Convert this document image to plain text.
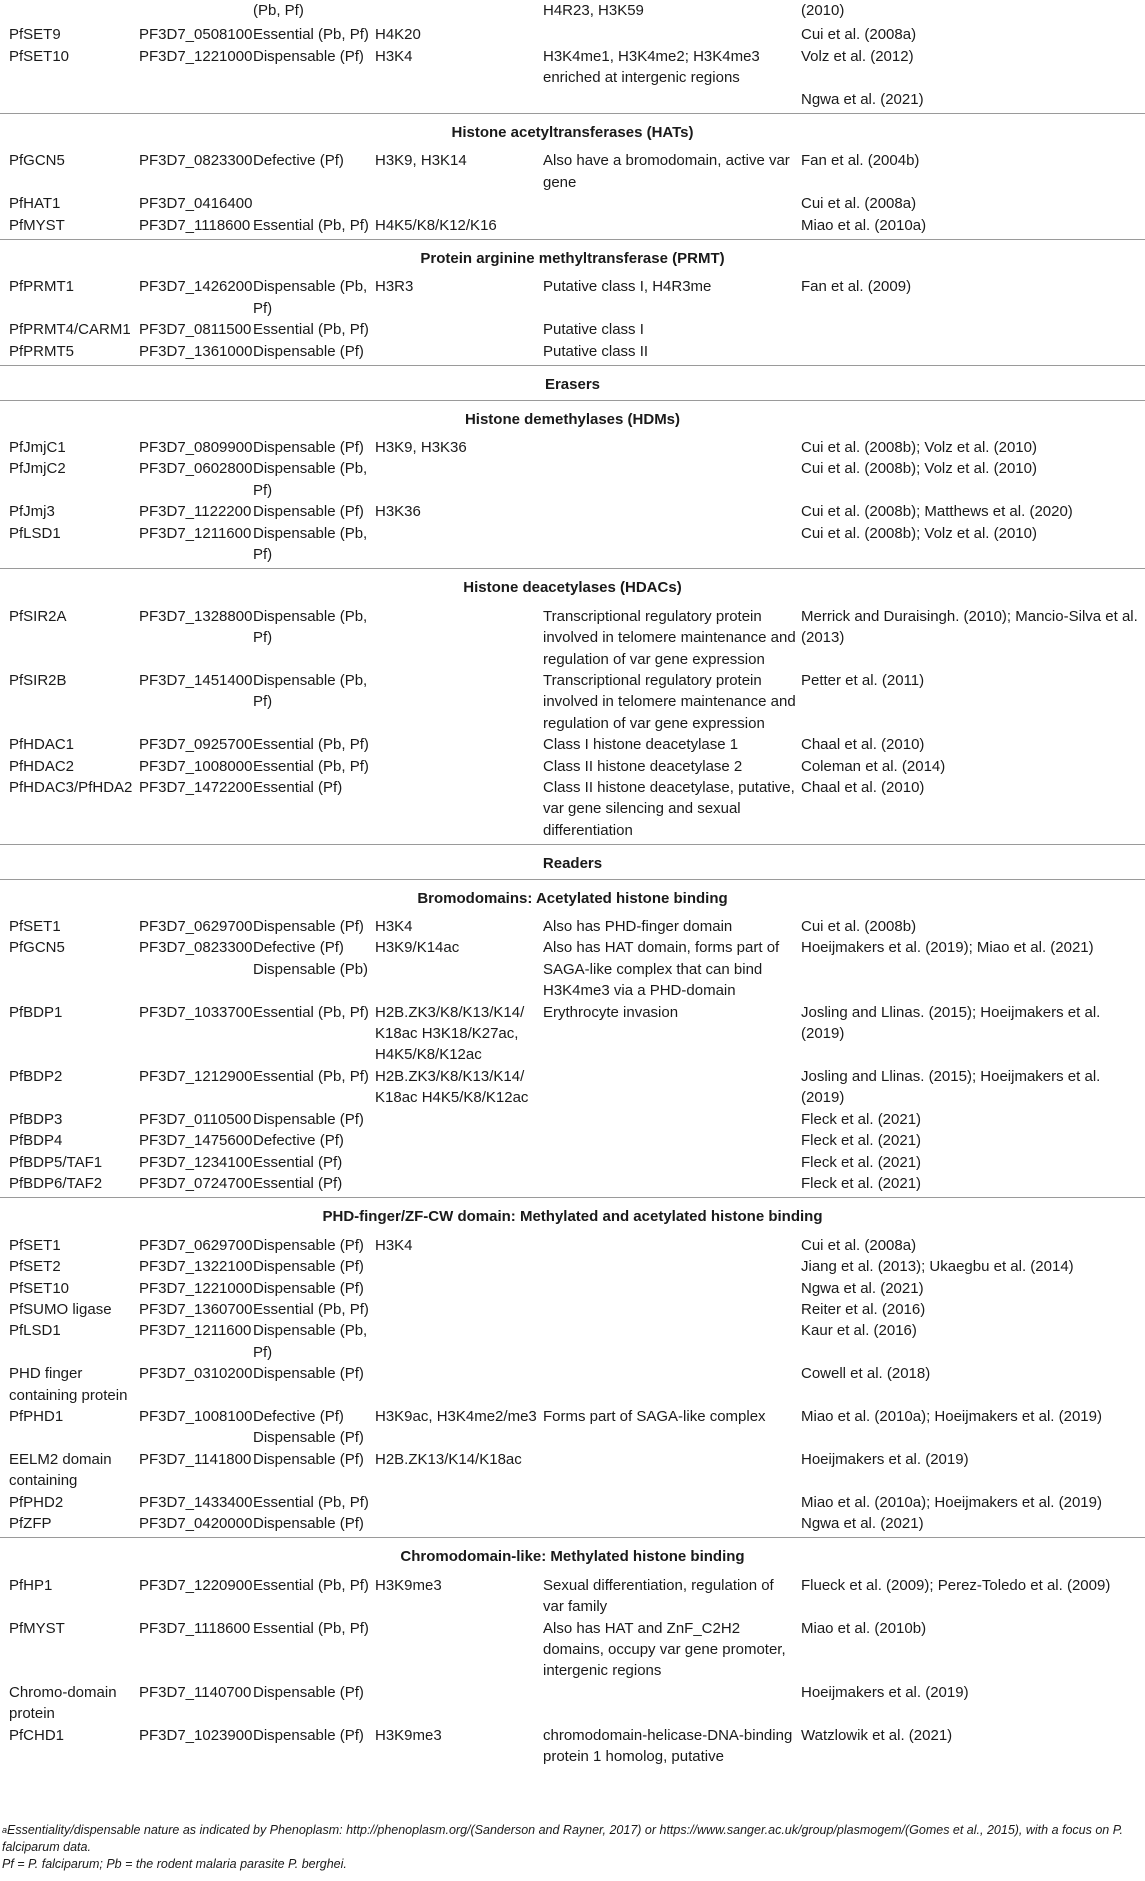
		(Pb, Pf)		H4R23, H3K59	(2010)
PfSET9	PF3D7_0508100	Essential (Pb, Pf)	H4K20		Cui et al. (2008a)
PfSET10	PF3D7_1221000	Dispensable (Pf)	H3K4	H3K4me1, H3K4me2; H3K4me3 enriched at intergenic regions	Volz et al. (2012)

Ngwa et al. (2021)
Histone acetyltransferases (HATs)					
PfGCN5	PF3D7_0823300	Defective (Pf)	H3K9, H3K14	Also have a bromodomain, active var gene	Fan et al. (2004b)
PfHAT1	PF3D7_0416400				Cui et al. (2008a)
PfMYST	PF3D7_1118600	Essential (Pb, Pf)	H4K5/K8/K12/K16		Miao et al. (2010a)
Protein arginine methyltransferase (PRMT)					
PfPRMT1	PF3D7_1426200	Dispensable (Pb, Pf)	H3R3	Putative class I, H4R3me	Fan et al. (2009)
PfPRMT4/CARM1	PF3D7_0811500	Essential (Pb, Pf)		Putative class I	
PfPRMT5	PF3D7_1361000	Dispensable (Pf)		Putative class II	
Erasers					
Histone demethylases (HDMs)					
PfJmjC1	PF3D7_0809900	Dispensable (Pf)	H3K9, H3K36		Cui et al. (2008b); Volz et al. (2010)
PfJmjC2	PF3D7_0602800	Dispensable (Pb, Pf)			Cui et al. (2008b); Volz et al. (2010)
PfJmj3	PF3D7_1122200	Dispensable (Pf)	H3K36		Cui et al. (2008b); Matthews et al. (2020)
PfLSD1	PF3D7_1211600	Dispensable (Pb, Pf)			Cui et al. (2008b); Volz et al. (2010)
Histone deacetylases (HDACs)					
PfSIR2A	PF3D7_1328800	Dispensable (Pb, Pf)		Transcriptional regulatory protein involved in telomere maintenance and regulation of var gene expression	Merrick and Duraisingh. (2010); Mancio-Silva et al. (2013)
PfSIR2B	PF3D7_1451400	Dispensable (Pb, Pf)		Transcriptional regulatory protein involved in telomere maintenance and regulation of var gene expression	Petter et al. (2011)
PfHDAC1	PF3D7_0925700	Essential (Pb, Pf)		Class I histone deacetylase 1	Chaal et al. (2010)
PfHDAC2	PF3D7_1008000	Essential (Pb, Pf)		Class II histone deacetylase 2	Coleman et al. (2014)
PfHDAC3/PfHDA2	PF3D7_1472200	Essential (Pf)		Class II histone deacetylase, putative, var gene silencing and sexual differentiation	Chaal et al. (2010)
Readers					
Bromodomains: Acetylated histone binding					
PfSET1	PF3D7_0629700	Dispensable (Pf)	H3K4	Also has PHD-finger domain	Cui et al. (2008b)
PfGCN5	PF3D7_0823300	Defective (Pf) Dispensable (Pb)	H3K9/K14ac	Also has HAT domain, forms part of SAGA-like complex that can bind H3K4me3 via a PHD-domain	Hoeijmakers et al. (2019); Miao et al. (2021)
PfBDP1	PF3D7_1033700	Essential (Pb, Pf)	H2B.ZK3/K8/K13/K14/ K18ac H3K18/K27ac, H4K5/K8/K12ac	Erythrocyte invasion	Josling and Llinas. (2015); Hoeijmakers et al. (2019)
PfBDP2	PF3D7_1212900	Essential (Pb, Pf)	H2B.ZK3/K8/K13/K14/ K18ac H4K5/K8/K12ac		Josling and Llinas. (2015); Hoeijmakers et al. (2019)
PfBDP3	PF3D7_0110500	Dispensable (Pf)			Fleck et al. (2021)
PfBDP4	PF3D7_1475600	Defective (Pf)			Fleck et al. (2021)
PfBDP5/TAF1	PF3D7_1234100	Essential (Pf)			Fleck et al. (2021)
PfBDP6/TAF2	PF3D7_0724700	Essential (Pf)			Fleck et al. (2021)
PHD-finger/ZF-CW domain: Methylated and acetylated histone binding					
PfSET1	PF3D7_0629700	Dispensable (Pf)	H3K4		Cui et al. (2008a)
PfSET2	PF3D7_1322100	Dispensable (Pf)			Jiang et al. (2013); Ukaegbu et al. (2014)
PfSET10	PF3D7_1221000	Dispensable (Pf)			Ngwa et al. (2021)
PfSUMO ligase	PF3D7_1360700	Essential (Pb, Pf)			Reiter et al. (2016)
PfLSD1	PF3D7_1211600	Dispensable (Pb, Pf)			Kaur et al. (2016)
PHD finger containing protein	PF3D7_0310200	Dispensable (Pf)			Cowell et al. (2018)
PfPHD1	PF3D7_1008100	Defective (Pf) Dispensable (Pf)	H3K9ac, H3K4me2/me3	Forms part of SAGA-like complex	Miao et al. (2010a); Hoeijmakers et al. (2019)
EELM2 domain containing	PF3D7_1141800	Dispensable (Pf)	H2B.ZK13/K14/K18ac		Hoeijmakers et al. (2019)
PfPHD2	PF3D7_1433400	Essential (Pb, Pf)			Miao et al. (2010a); Hoeijmakers et al. (2019)
PfZFP	PF3D7_0420000	Dispensable (Pf)			Ngwa et al. (2021)
Chromodomain-like: Methylated histone binding					
PfHP1	PF3D7_1220900	Essential (Pb, Pf)	H3K9me3	Sexual differentiation, regulation of var family	Flueck et al. (2009); Perez-Toledo et al. (2009)
PfMYST	PF3D7_1118600	Essential (Pb, Pf)		Also has HAT and ZnF_C2H2 domains, occupy var gene promoter, intergenic regions	Miao et al. (2010b)
Chromo-domain protein	PF3D7_1140700	Dispensable (Pf)			Hoeijmakers et al. (2019)
PfCHD1	PF3D7_1023900	Dispensable (Pf)	H3K9me3	chromodomain-helicase-DNA-binding protein 1 homolog, putative	Watzlowik et al. (2021)
$^a$Essentiality/dispensable nature as indicated by Phenoplasm: http://phenoplasm.org/(Sanderson and Rayner, 2017) or https://www.sanger.ac.uk/group/plasmogem/(Gomes et al., 2015), with a focus on P. falciparum data.
Pf = P. falciparum; Pb = the rodent malaria parasite P. berghei.
